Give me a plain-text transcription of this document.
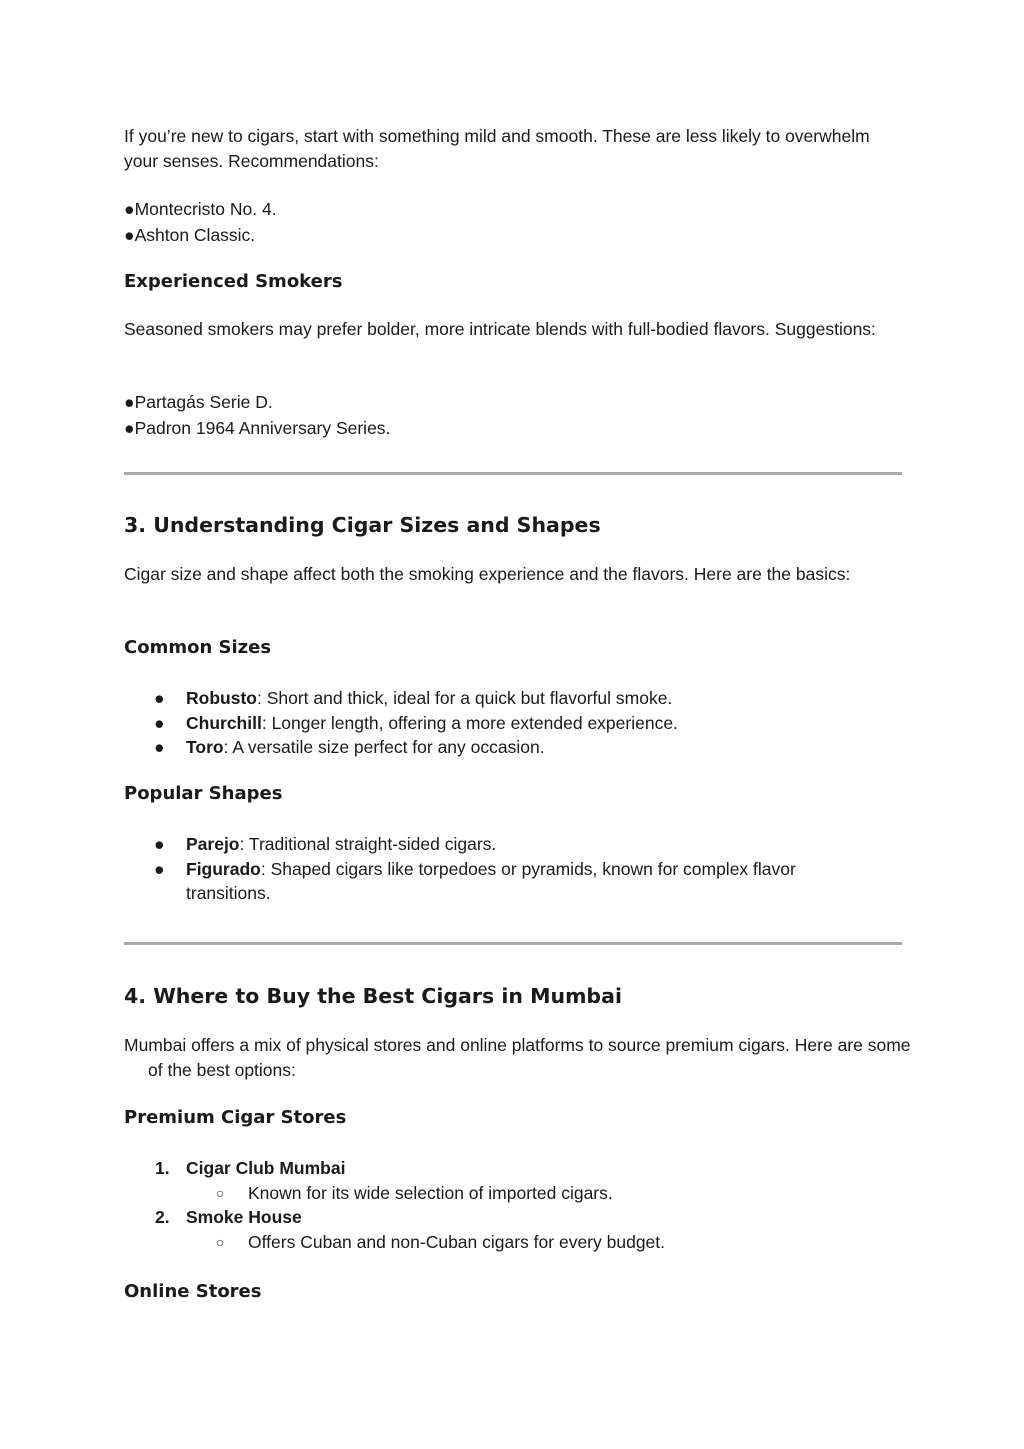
If you’re new to cigars, start with something mild and smooth. These are less likely to overwhelm your senses. Recommendations:

●Montecristo No. 4.

●Ashton Classic.

Experienced Smokers

Seasoned smokers may prefer bolder, more intricate blends with full-bodied flavors. Suggestions:

●Partagás Serie D.

●Padron 1964 Anniversary Series.

3. Understanding Cigar Sizes and Shapes

Cigar size and shape affect both the smoking experience and the flavors. Here are the basics:

Common Sizes
● Robusto: Short and thick, ideal for a quick but flavorful smoke.
● Churchill: Longer length, offering a more extended experience.
● Toro: A versatile size perfect for any occasion.
Popular Shapes
● Parejo: Traditional straight-sided cigars.
● Figurado: Shaped cigars like torpedoes or pyramids, known for complex flavor transitions.
4. Where to Buy the Best Cigars in Mumbai

Mumbai offers a mix of physical stores and online platforms to source premium cigars. Here are some of the best options:

Premium Cigar Stores
1. Cigar Club Mumbai
○ Known for its wide selection of imported cigars.
2. Smoke House
○ Offers Cuban and non-Cuban cigars for every budget.
Online Stores
